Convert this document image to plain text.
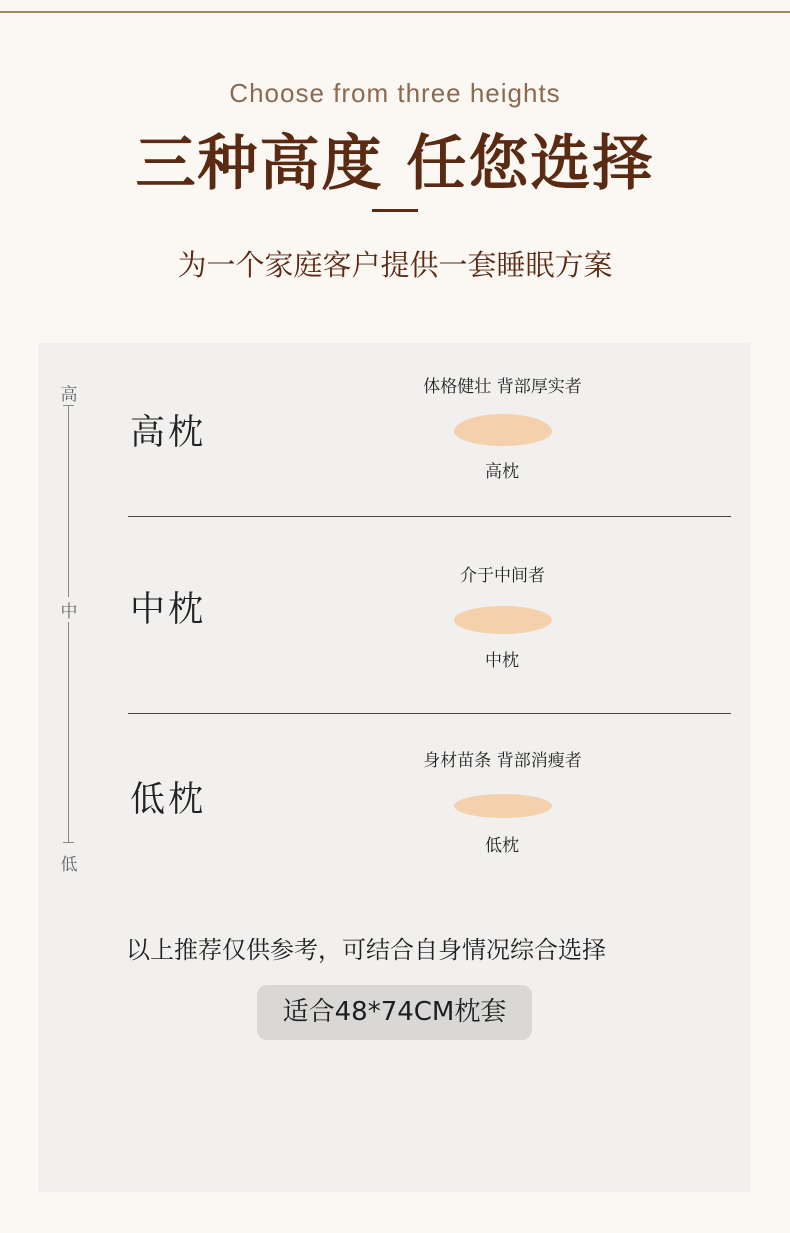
Choose from three heights
三种高度 任您选择
为一个家庭客户提供一套睡眠方案
高
中
低
高枕
体格健壮 背部厚实者
高枕
中枕
介于中间者
中枕
低枕
身材苗条 背部消瘦者
低枕
以上推荐仅供参考，可结合自身情况综合选择
适合48*74CM枕套
